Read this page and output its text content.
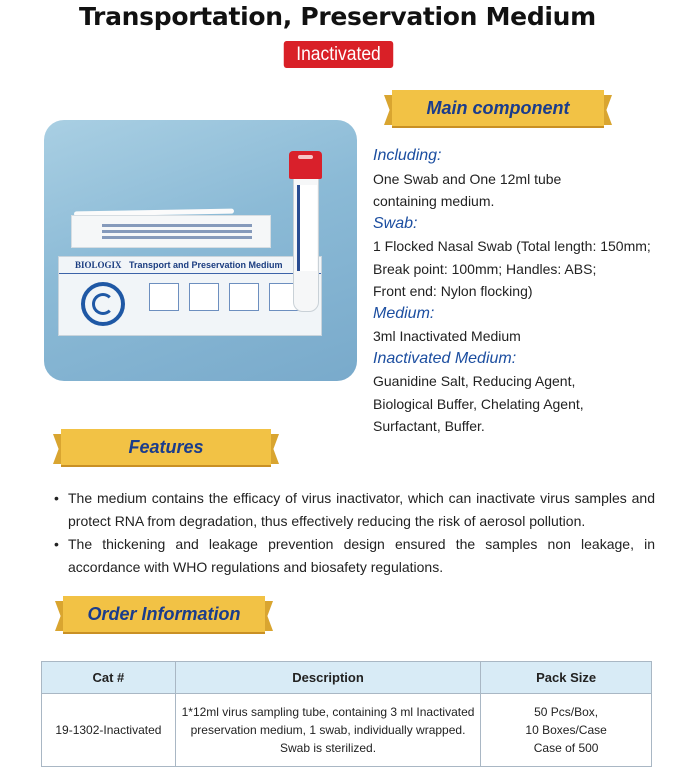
Transportation, Preservation Medium
Inactivated
BIOLOGIX Transport and Preservation Medium
Main component

Including:

One Swab and One 12ml tube containing medium.

Swab:

1 Flocked Nasal Swab (Total length: 150mm;

Break point: 100mm; Handles: ABS;

Front end: Nylon flocking)

Medium:

3ml Inactivated Medium

Inactivated Medium:

Guanidine Salt, Reducing Agent, Biological Buffer, Chelating Agent, Surfactant, Buffer.

Features
• The medium contains the efficacy of virus inactivator, which can inactivate virus samples and protect RNA from degradation, thus effectively reducing the risk of aerosol pollution.
• The thickening and leakage prevention design ensured the samples non leakage, in accordance with WHO regulations and biosafety regulations.
Order Information
Cat #	Description	Pack Size
19-1302-Inactivated	1*12ml virus sampling tube, containing 3 ml Inactivated preservation medium, 1 swab, individually wrapped. Swab is sterilized.	50 Pcs/Box,
10 Boxes/Case
Case of 500
